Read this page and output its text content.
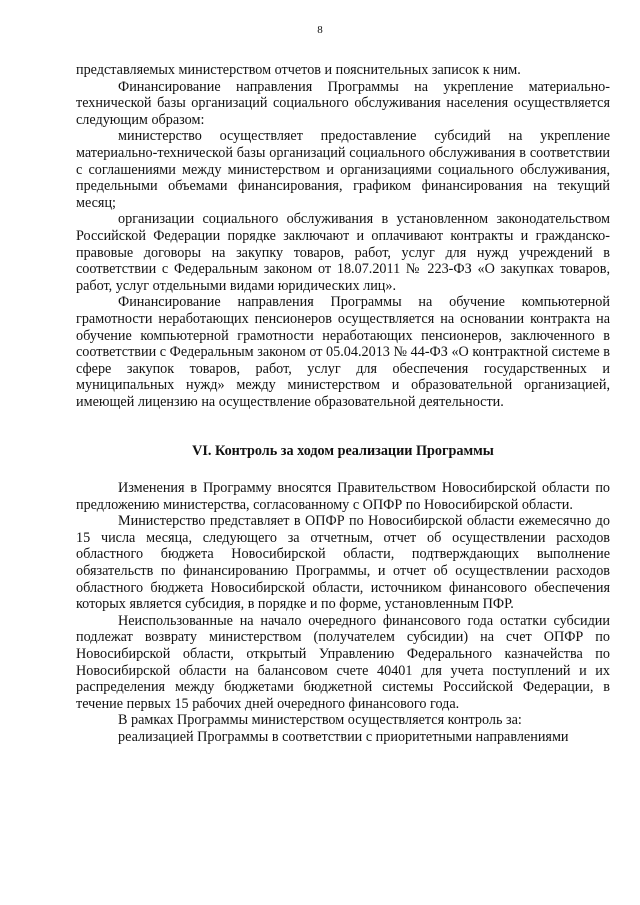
8

представляемых министерством отчетов и пояснительных записок к ним.

Финансирование направления Программы на укрепление материально-технической базы организаций социального обслуживания населения осуществляется следующим образом:

министерство осуществляет предоставление субсидий на укрепление материально-технической базы организаций социального обслуживания в соответствии с соглашениями между министерством и организациями социального обслуживания, предельными объемами финансирования, графиком финансирования на текущий месяц;

организации социального обслуживания в установленном законодательством Российской Федерации порядке заключают и оплачивают контракты и гражданско-правовые договоры на закупку товаров, работ, услуг для нужд учреждений в соответствии с Федеральным законом от 18.07.2011 № 223-ФЗ «О закупках товаров, работ, услуг отдельными видами юридических лиц».

Финансирование направления Программы на обучение компьютерной грамотности неработающих пенсионеров осуществляется на основании контракта на обучение компьютерной грамотности неработающих пенсионеров, заключенного в соответствии с Федеральным законом от 05.04.2013 № 44-ФЗ «О контрактной системе в сфере закупок товаров, работ, услуг для обеспечения государственных и муниципальных нужд» между министерством и образовательной организацией, имеющей лицензию на осуществление образовательной деятельности.

VI. Контроль за ходом реализации Программы

Изменения в Программу вносятся Правительством Новосибирской области по предложению министерства, согласованному с ОПФР по Новосибирской области.

Министерство представляет в ОПФР по Новосибирской области ежемесячно до 15 числа месяца, следующего за отчетным, отчет об осуществлении расходов областного бюджета Новосибирской области, подтверждающих выполнение обязательств по финансированию Программы, и отчет об осуществлении расходов областного бюджета Новосибирской области, источником финансового обеспечения которых является субсидия, в порядке и по форме, установленным ПФР.

Неиспользованные на начало очередного финансового года остатки субсидии подлежат возврату министерством (получателем субсидии) на счет ОПФР по Новосибирской области, открытый Управлению Федерального казначейства по Новосибирской области на балансовом счете 40401 для учета поступлений и их распределения между бюджетами бюджетной системы Российской Федерации, в течение первых 15 рабочих дней очередного финансового года.

В рамках Программы министерством осуществляется контроль за:

реализацией Программы в соответствии с приоритетными направлениями
